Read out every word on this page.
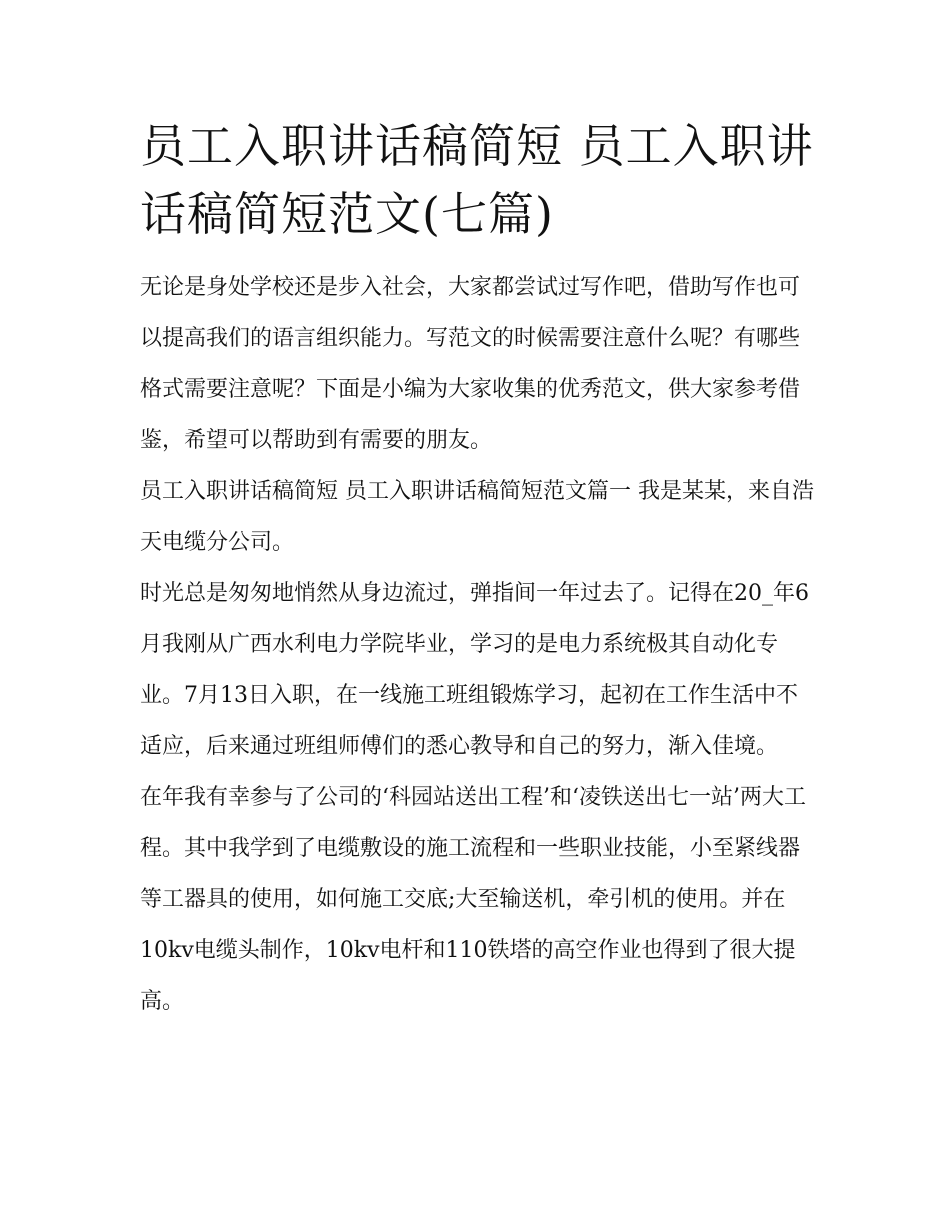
员工入职讲话稿简短 员工入职讲话稿简短范文(七篇)

无论是身处学校还是步入社会，大家都尝试过写作吧，借助写作也可以提高我们的语言组织能力。写范文的时候需要注意什么呢？有哪些格式需要注意呢？下面是小编为大家收集的优秀范文，供大家参考借鉴，希望可以帮助到有需要的朋友。

员工入职讲话稿简短 员工入职讲话稿简短范文篇一 我是某某，来自浩天电缆分公司。

时光总是匆匆地悄然从身边流过，弹指间一年过去了。记得在20_年6月我刚从广西水利电力学院毕业，学习的是电力系统极其自动化专业。7月13日入职，在一线施工班组锻炼学习，起初在工作生活中不适应，后来通过班组师傅们的悉心教导和自己的努力，渐入佳境。

在年我有幸参与了公司的‘科园站送出工程’和‘凌铁送出七一站’两大工程。其中我学到了电缆敷设的施工流程和一些职业技能，小至紧线器等工器具的使用，如何施工交底;大至输送机，牵引机的使用。并在10kv电缆头制作，10kv电杆和110铁塔的高空作业也得到了很大提高。
